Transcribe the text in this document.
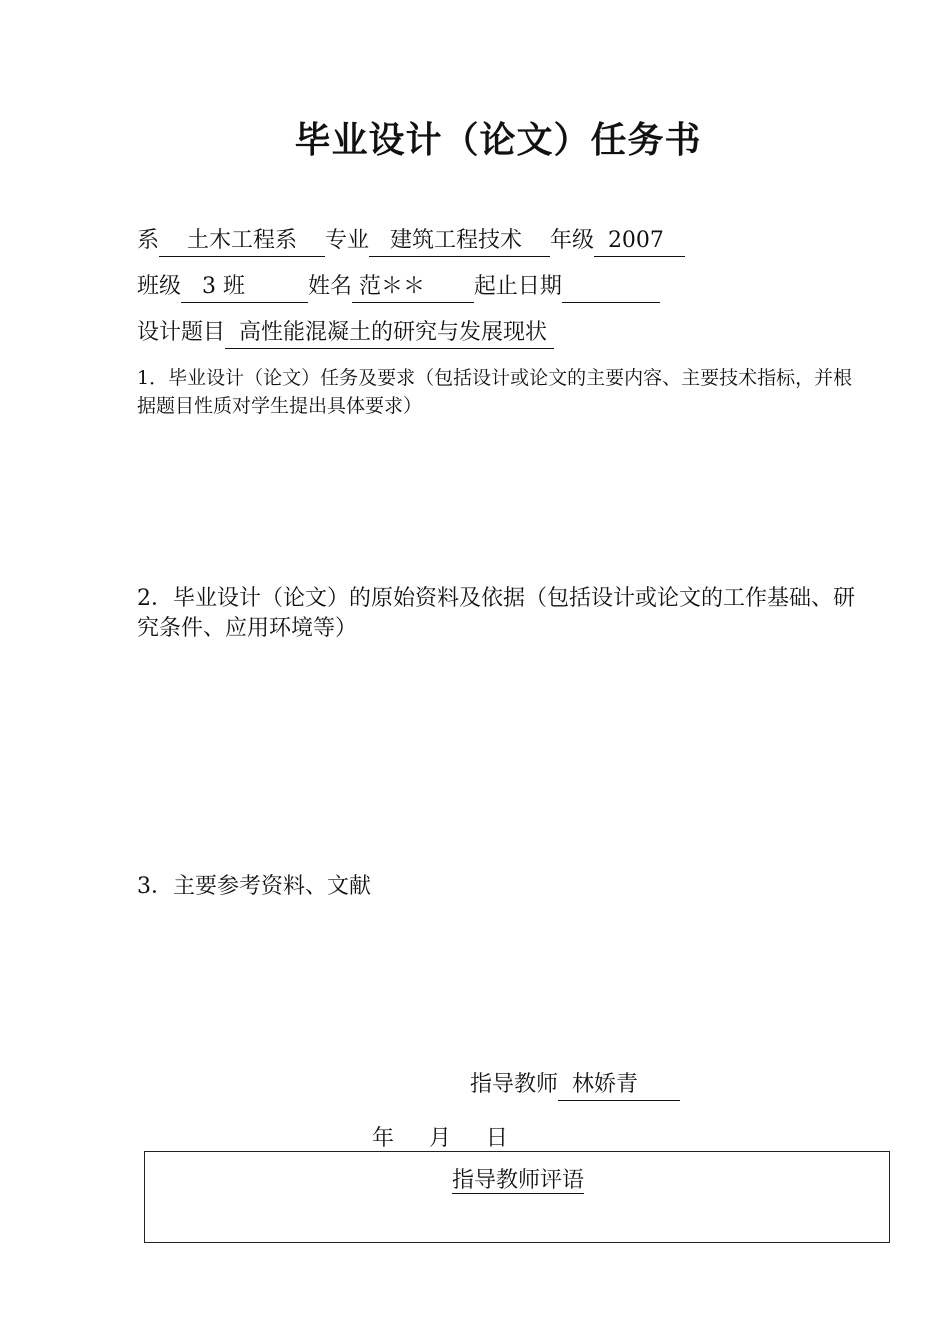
毕业设计（论文）任务书
系    土木工程系    专业   建筑工程技术    年级  2007
班级   3 班         姓名 范＊＊       起止日期
设计题目  高性能混凝土的研究与发展现状
1．毕业设计（论文）任务及要求（包括设计或论文的主要内容、主要技术指标，并根据题目性质对学生提出具体要求）
2．毕业设计（论文）的原始资料及依据（包括设计或论文的工作基础、研究条件、应用环境等）
3．主要参考资料、文献
指导教师  林娇青
年     月     日
指导教师评语
